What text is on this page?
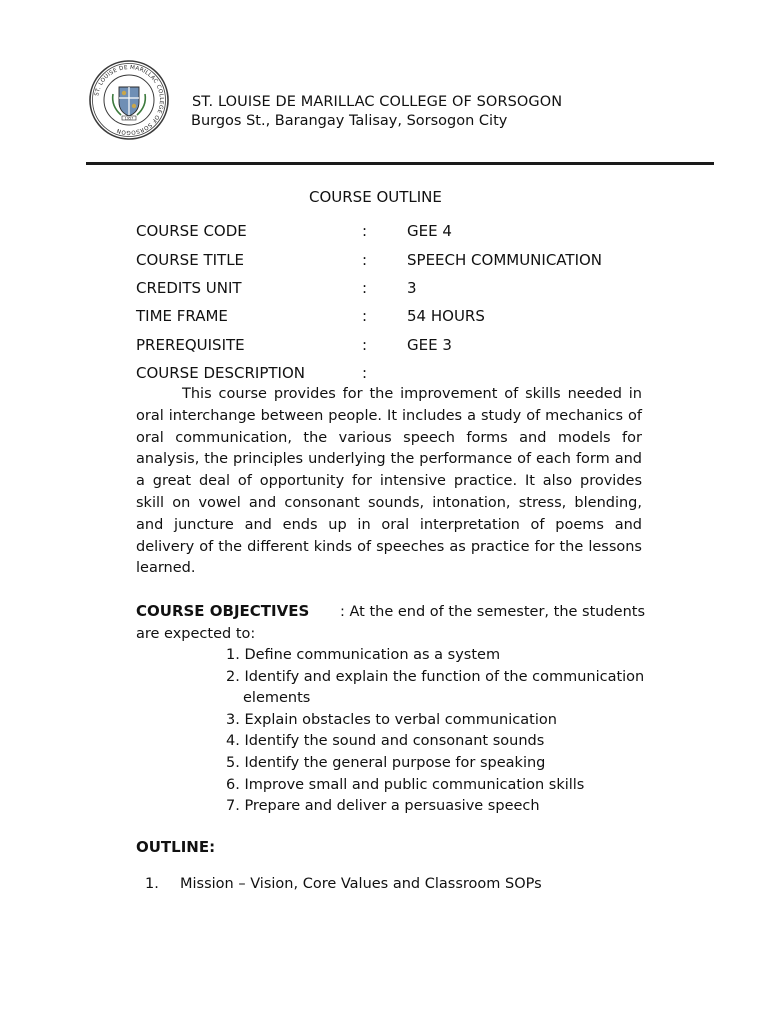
ST. LOUISE DE MARILLAC COLLEGE OF SORSOGON
1957
ST. LOUISE DE MARILLAC COLLEGE OF SORSOGON
Burgos St., Barangay Talisay, Sorsogon City
COURSE OUTLINE
COURSE CODE	:	GEE 4
COURSE TITLE	:	SPEECH COMMUNICATION
CREDITS UNIT	:	3
TIME FRAME	:	54 HOURS
PREREQUISITE	:	GEE 3
COURSE DESCRIPTION	:
This course provides for the improvement of skills needed in oral interchange between people. It includes a study of mechanics of oral communication, the various speech forms and models for analysis, the principles underlying the performance of each form and a great deal of opportunity for intensive practice. It also provides skill on vowel and consonant sounds, intonation, stress, blending, and juncture and ends up in oral interpretation of poems and delivery of the different kinds of speeches as practice for the lessons learned.
: At the end of the semester, the students are expected to:
COURSE OBJECTIVES
1. Define communication as a system
2. Identify and explain the function of the communication elements
3. Explain obstacles to verbal communication
4. Identify the sound and consonant sounds
5. Identify the general purpose for speaking
6. Improve small and public communication skills
7. Prepare and deliver a persuasive speech
OUTLINE:
1. Mission – Vision, Core Values and Classroom SOPs
